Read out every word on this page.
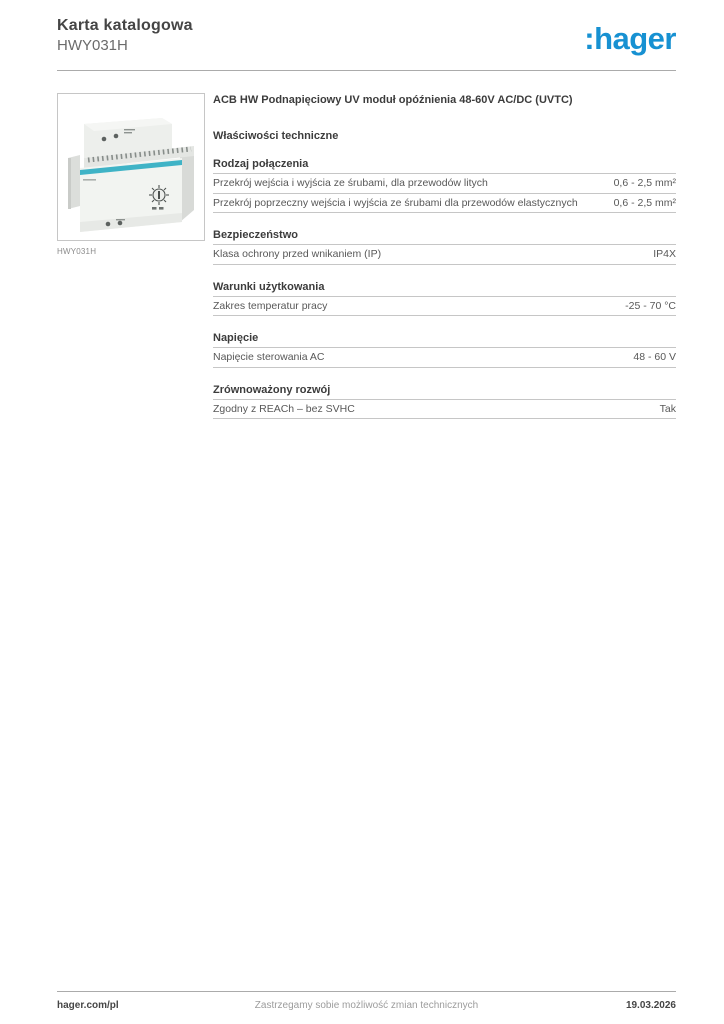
Karta katalogowa
HWY031H	:hager
HWY031H
ACB HW Podnapięciowy UV moduł opóźnienia 48-60V AC/DC (UVTC)
Właściwości techniczne
Rodzaj połączenia
Przekrój wejścia i wyjścia ze śrubami, dla przewodów litych	0,6 - 2,5 mm²
Przekrój poprzeczny wejścia i wyjścia ze śrubami dla przewodów elastycznych	0,6 - 2,5 mm²
Bezpieczeństwo
Klasa ochrony przed wnikaniem (IP)	IP4X
Warunki użytkowania
Zakres temperatur pracy	-25 - 70 °C
Napięcie
Napięcie sterowania AC	48 - 60 V
Zrównoważony rozwój
Zgodny z REACh – bez SVHC	Tak
hager.com/pl	Zastrzegamy sobie możliwość zmian technicznych	19.03.2026
